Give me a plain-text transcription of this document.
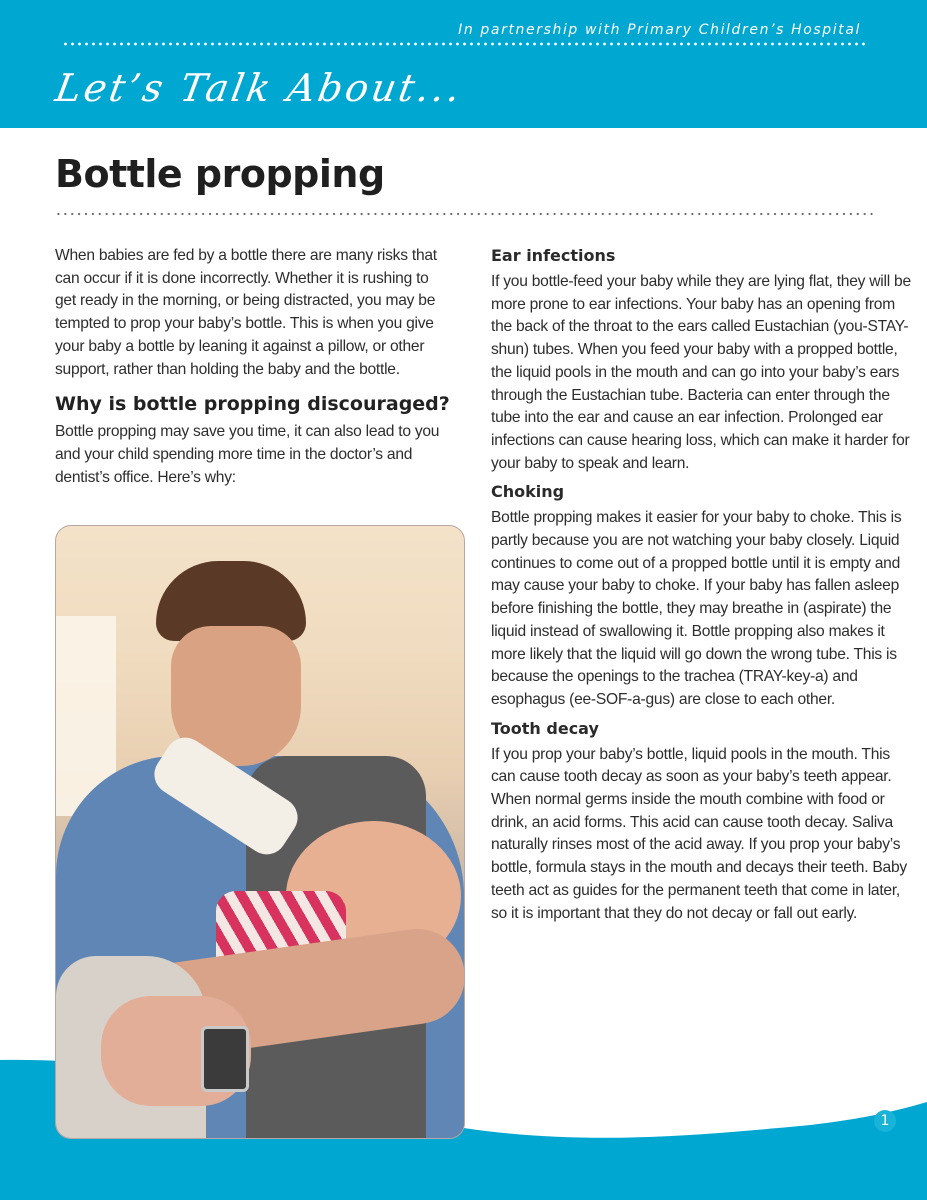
In partnership with Primary Children’s Hospital
Let’s Talk About...
Bottle propping

When babies are fed by a bottle there are many risks that can occur if it is done incorrectly. Whether it is rushing to get ready in the morning, or being distracted, you may be tempted to prop your baby’s bottle. This is when you give your baby a bottle by leaning it against a pillow, or other support, rather than holding the baby and the bottle.

Why is bottle propping discouraged?

Bottle propping may save you time, it can also lead to you and your child spending more time in the doctor’s and dentist’s office. Here’s why:

Ear infections

If you bottle-feed your baby while they are lying flat, they will be more prone to ear infections. Your baby has an opening from the back of the throat to the ears called Eustachian (you-STAY-shun) tubes. When you feed your baby with a propped bottle, the liquid pools in the mouth and can go into your baby’s ears through the Eustachian tube. Bacteria can enter through the tube into the ear and cause an ear infection. Prolonged ear infections can cause hearing loss, which can make it harder for your baby to speak and learn.

Choking

Bottle propping makes it easier for your baby to choke. This is partly because you are not watching your baby closely. Liquid continues to come out of a propped bottle until it is empty and may cause your baby to choke. If your baby has fallen asleep before finishing the bottle, they may breathe in (aspirate) the liquid instead of swallowing it. Bottle propping also makes it more likely that the liquid will go down the wrong tube. This is because the openings to the trachea (TRAY-key-a) and esophagus (ee-SOF-a-gus) are close to each other.

Tooth decay

If you prop your baby’s bottle, liquid pools in the mouth. This can cause tooth decay as soon as your baby’s teeth appear. When normal germs inside the mouth combine with food or drink, an acid forms. This acid can cause tooth decay. Saliva naturally rinses most of the acid away. If you prop your baby’s bottle, formula stays in the mouth and decays their teeth. Baby teeth act as guides for the permanent teeth that come in later, so it is important that they do not decay or fall out early.

1
